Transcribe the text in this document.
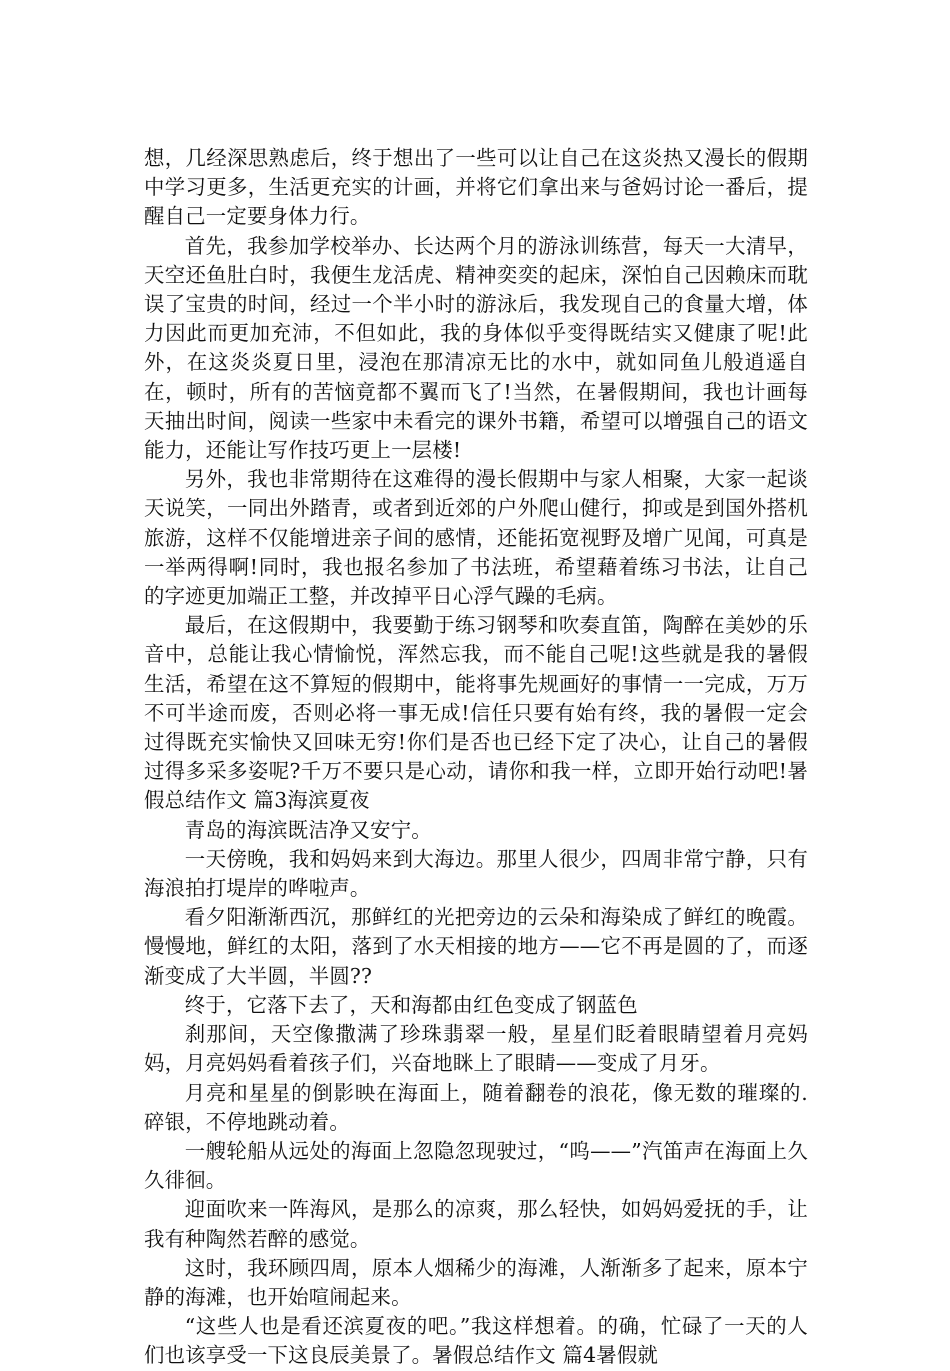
想，几经深思熟虑后，终于想出了一些可以让自己在这炎热又漫长的假期中学习更多，生活更充实的计画，并将它们拿出来与爸妈讨论一番后，提醒自己一定要身体力行。

首先，我参加学校举办、长达两个月的游泳训练营，每天一大清早，天空还鱼肚白时，我便生龙活虎、精神奕奕的起床，深怕自己因赖床而耽误了宝贵的时间，经过一个半小时的游泳后，我发现自己的食量大增，体力因此而更加充沛，不但如此，我的身体似乎变得既结实又健康了呢!此外，在这炎炎夏日里，浸泡在那清凉无比的水中，就如同鱼儿般逍遥自在，顿时，所有的苦恼竟都不翼而飞了!当然，在暑假期间，我也计画每天抽出时间，阅读一些家中未看完的课外书籍，希望可以增强自己的语文能力，还能让写作技巧更上一层楼!

另外，我也非常期待在这难得的漫长假期中与家人相聚，大家一起谈天说笑，一同出外踏青，或者到近郊的户外爬山健行，抑或是到国外搭机旅游，这样不仅能增进亲子间的感情，还能拓宽视野及增广见闻，可真是一举两得啊!同时，我也报名参加了书法班，希望藉着练习书法，让自己的字迹更加端正工整，并改掉平日心浮气躁的毛病。

最后，在这假期中，我要勤于练习钢琴和吹奏直笛，陶醉在美妙的乐音中，总能让我心情愉悦，浑然忘我，而不能自己呢!这些就是我的暑假生活，希望在这不算短的假期中，能将事先规画好的事情一一完成，万万不可半途而废，否则必将一事无成!信任只要有始有终，我的暑假一定会过得既充实愉快又回味无穷!你们是否也已经下定了决心，让自己的暑假过得多采多姿呢?千万不要只是心动，请你和我一样，立即开始行动吧!暑假总结作文 篇3海滨夏夜

青岛的海滨既洁净又安宁。

一天傍晚，我和妈妈来到大海边。那里人很少，四周非常宁静，只有海浪拍打堤岸的哗啦声。

看夕阳渐渐西沉，那鲜红的光把旁边的云朵和海染成了鲜红的晚霞。慢慢地，鲜红的太阳，落到了水天相接的地方——它不再是圆的了，而逐渐变成了大半圆，半圆??

终于，它落下去了，天和海都由红色变成了钢蓝色

刹那间，天空像撒满了珍珠翡翠一般，星星们眨着眼睛望着月亮妈妈，月亮妈妈看着孩子们，兴奋地眯上了眼睛——变成了月牙。

月亮和星星的倒影映在海面上，随着翻卷的浪花，像无数的璀璨的.碎银，不停地跳动着。

一艘轮船从远处的海面上忽隐忽现驶过，“呜——”汽笛声在海面上久久徘徊。

迎面吹来一阵海风，是那么的凉爽，那么轻快，如妈妈爱抚的手，让我有种陶然若醉的感觉。

这时，我环顾四周，原本人烟稀少的海滩，人渐渐多了起来，原本宁静的海滩，也开始喧闹起来。

“这些人也是看还滨夏夜的吧。”我这样想着。的确，忙碌了一天的人们也该享受一下这良辰美景了。暑假总结作文 篇4暑假就
